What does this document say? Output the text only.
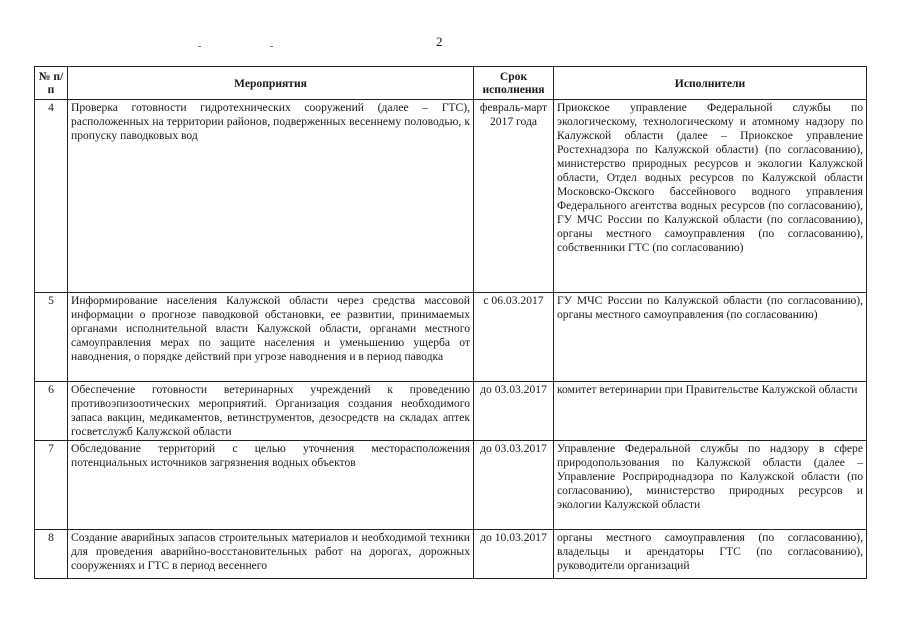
2
-	-
№ п/п	Мероприятия	Срок исполнения	Исполнители
4	Проверка готовности гидротехнических сооружений (далее – ГТС), расположенных на территории районов, подверженных весеннему половодью, к пропуску паводковых вод	февраль-март 2017 года	Приокское управление Федеральной службы по экологическому, технологическому и атомному надзору по Калужской области (далее – Приокское управление Ростехнадзора по Калужской области) (по согласованию), министерство природных ресурсов и экологии Калужской области, Отдел водных ресурсов по Калужской области Московско-Окского бассейнового водного управления Федерального агентства водных ресурсов (по согласованию), ГУ МЧС России по Калужской области (по согласованию), органы местного самоуправления (по согласованию), собственники ГТС (по согласованию)
5	Информирование населения Калужской области через средства массовой информации о прогнозе паводковой обстановки, ее развитии, принимаемых органами исполнительной власти Калужской области, органами местного самоуправления мерах по защите населения и уменьшению ущерба от наводнения, о порядке действий при угрозе наводнения и в период паводка	с 06.03.2017	ГУ МЧС России по Калужской области (по согласованию), органы местного самоуправления (по согласованию)
6	Обеспечение готовности ветеринарных учреждений к проведению противоэпизоотических мероприятий. Организация создания необходимого запаса вакцин, медикаментов, ветинструментов, дезосредств на складах аптек госветслужб Калужской области	до 03.03.2017	комитет ветеринарии при Правительстве Калужской области
7	Обследование территорий с целью уточнения месторасположения потенциальных источников загрязнения водных объектов	до 03.03.2017	Управление Федеральной службы по надзору в сфере природопользования по Калужской области (далее – Управление Росприроднадзора по Калужской области (по согласованию), министерство природных ресурсов и экологии Калужской области
8	Создание аварийных запасов строительных материалов и необходимой техники для проведения аварийно-восстановительных работ на дорогах, дорожных сооружениях и ГТС в период весеннего	до 10.03.2017	органы местного самоуправления (по согласованию), владельцы и арендаторы ГТС (по согласованию), руководители организаций
